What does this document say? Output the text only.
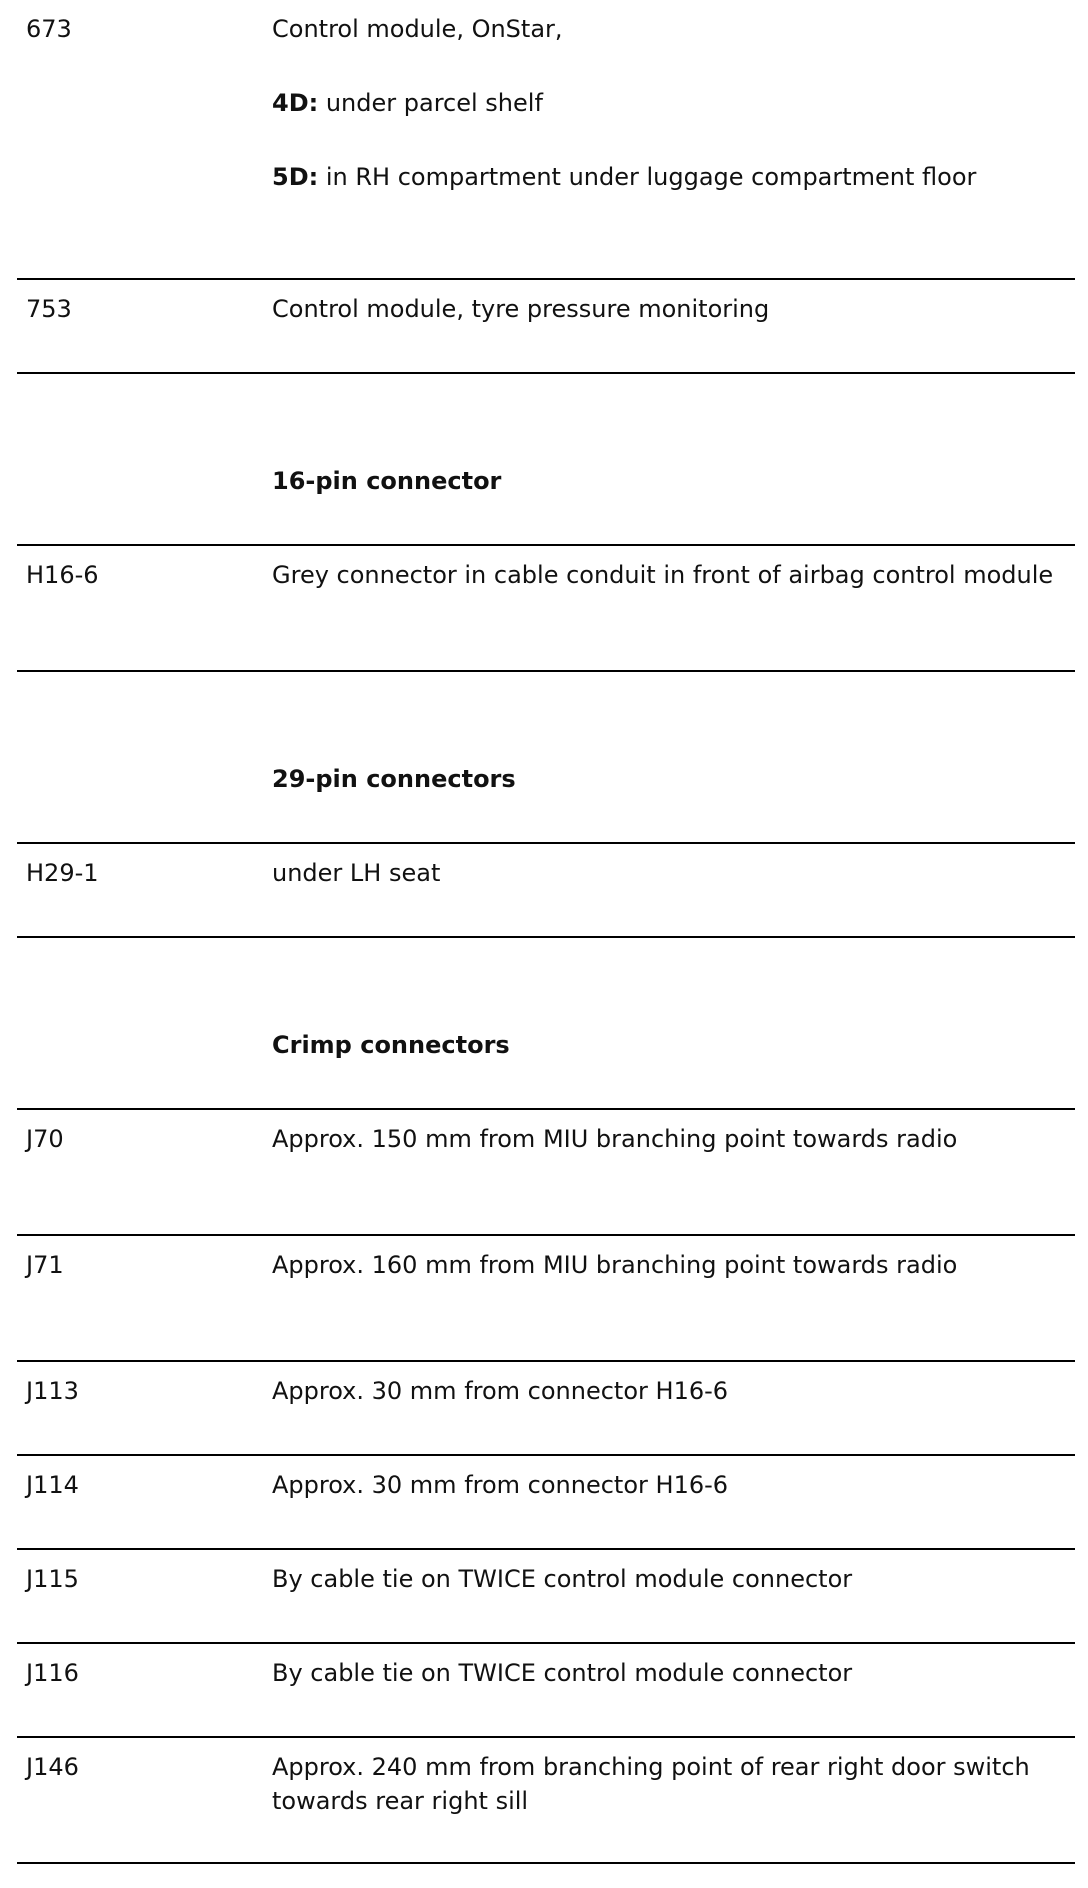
673	Control module, OnStar,

4D: under parcel shelf

5D: in RH compartment under luggage compartment floor

753	Control module, tyre pressure monitoring

16-pin connector
H16-6	Grey connector in cable conduit in front of airbag control module

29-pin connectors
H29-1	under LH seat

Crimp connectors
J70	Approx. 150 mm from MIU branching point towards radio

J71	Approx. 160 mm from MIU branching point towards radio

J113	Approx. 30 mm from connector H16-6

J114	Approx. 30 mm from connector H16-6

J115	By cable tie on TWICE control module connector

J116	By cable tie on TWICE control module connector

J146	Approx. 240 mm from branching point of rear right door switch towards rear right sill
